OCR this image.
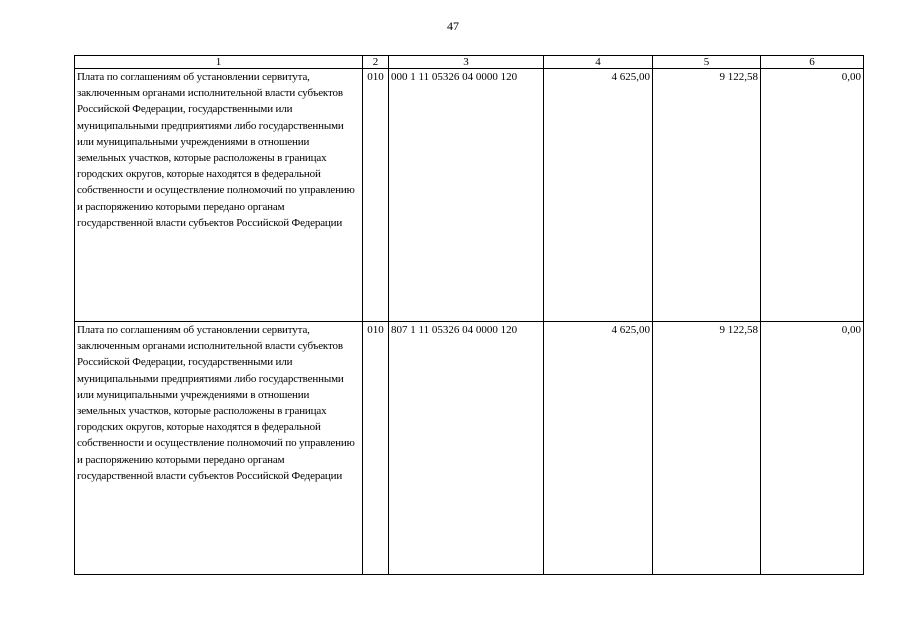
47
1	2	3	4	5	6
Плата по соглашениям об установлении сервитута, заключенным органами исполнительной власти субъектов Российской Федерации, государственными или муниципальными предприятиями либо государственными или муниципальными учреждениями в отношении земельных участков, которые расположены в границах городских округов, которые находятся в федеральной собственности и осуществление полномочий по управлению и распоряжению которыми передано органам государственной власти субъектов Российской Федерации	010	000 1 11 05326 04 0000 120	4 625,00	9 122,58	0,00
Плата по соглашениям об установлении сервитута, заключенным органами исполнительной власти субъектов Российской Федерации, государственными или муниципальными предприятиями либо государственными или муниципальными учреждениями в отношении земельных участков, которые расположены в границах городских округов, которые находятся в федеральной собственности и осуществление полномочий по управлению и распоряжению которыми передано органам государственной власти субъектов Российской Федерации	010	807 1 11 05326 04 0000 120	4 625,00	9 122,58	0,00
